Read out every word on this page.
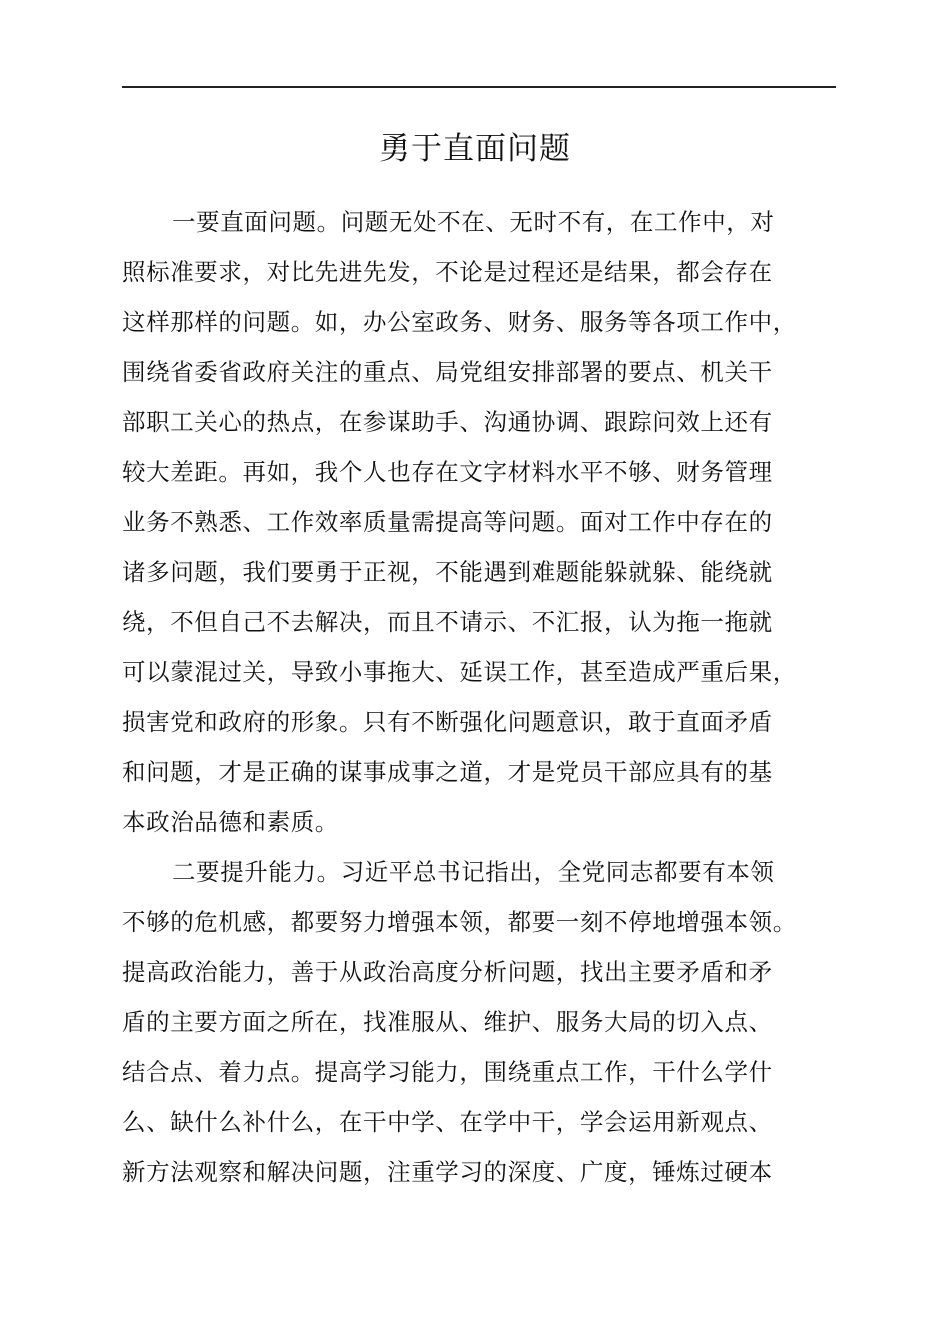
勇于直面问题
一要直面问题。问题无处不在、无时不有，在工作中，对
照标准要求，对比先进先发，不论是过程还是结果，都会存在
这样那样的问题。如，办公室政务、财务、服务等各项工作中，
围绕省委省政府关注的重点、局党组安排部署的要点、机关干
部职工关心的热点，在参谋助手、沟通协调、跟踪问效上还有
较大差距。再如，我个人也存在文字材料水平不够、财务管理
业务不熟悉、工作效率质量需提高等问题。面对工作中存在的
诸多问题，我们要勇于正视，不能遇到难题能躲就躲、能绕就
绕，不但自己不去解决，而且不请示、不汇报，认为拖一拖就
可以蒙混过关，导致小事拖大、延误工作，甚至造成严重后果，
损害党和政府的形象。只有不断强化问题意识，敢于直面矛盾
和问题，才是正确的谋事成事之道，才是党员干部应具有的基
本政治品德和素质。
二要提升能力。习近平总书记指出，全党同志都要有本领
不够的危机感，都要努力增强本领，都要一刻不停地增强本领。
提高政治能力，善于从政治高度分析问题，找出主要矛盾和矛
盾的主要方面之所在，找准服从、维护、服务大局的切入点、
结合点、着力点。提高学习能力，围绕重点工作，干什么学什
么、缺什么补什么，在干中学、在学中干，学会运用新观点、
新方法观察和解决问题，注重学习的深度、广度，锤炼过硬本
